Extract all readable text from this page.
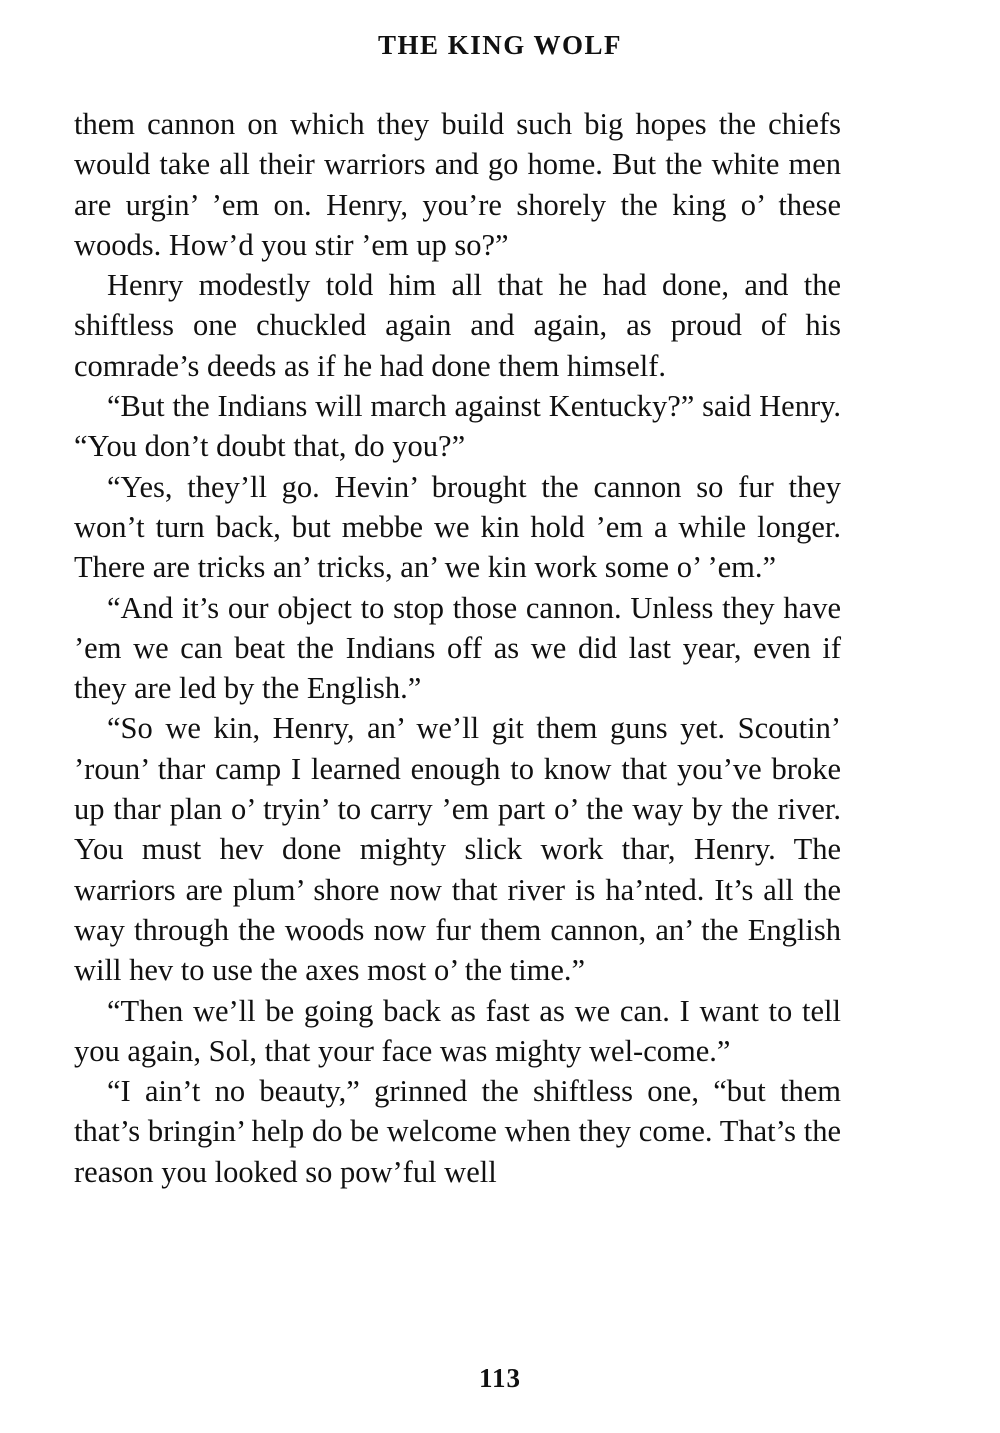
THE KING WOLF

them cannon on which they build such big hopes the chiefs would take all their warriors and go home. But the white men are urgin’ ’em on. Henry, you’re shorely the king o’ these woods. How’d you stir ’em up so?”

Henry modestly told him all that he had done, and the shiftless one chuckled again and again, as proud of his comrade’s deeds as if he had done them himself.

“But the Indians will march against Kentucky?” said Henry. “You don’t doubt that, do you?”

“Yes, they’ll go. Hevin’ brought the cannon so fur they won’t turn back, but mebbe we kin hold ’em a while longer. There are tricks an’ tricks, an’ we kin work some o’ ’em.”

“And it’s our object to stop those cannon. Unless they have ’em we can beat the Indians off as we did last year, even if they are led by the English.”

“So we kin, Henry, an’ we’ll git them guns yet. Scoutin’ ’roun’ thar camp I learned enough to know that you’ve broke up thar plan o’ tryin’ to carry ’em part o’ the way by the river. You must hev done mighty slick work thar, Henry. The warriors are plum’ shore now that river is ha’nted. It’s all the way through the woods now fur them cannon, an’ the English will hev to use the axes most o’ the time.”

“Then we’ll be going back as fast as we can. I want to tell you again, Sol, that your face was mighty wel-come.”

“I ain’t no beauty,” grinned the shiftless one, “but them that’s bringin’ help do be welcome when they come. That’s the reason you looked so pow’ful well

113
